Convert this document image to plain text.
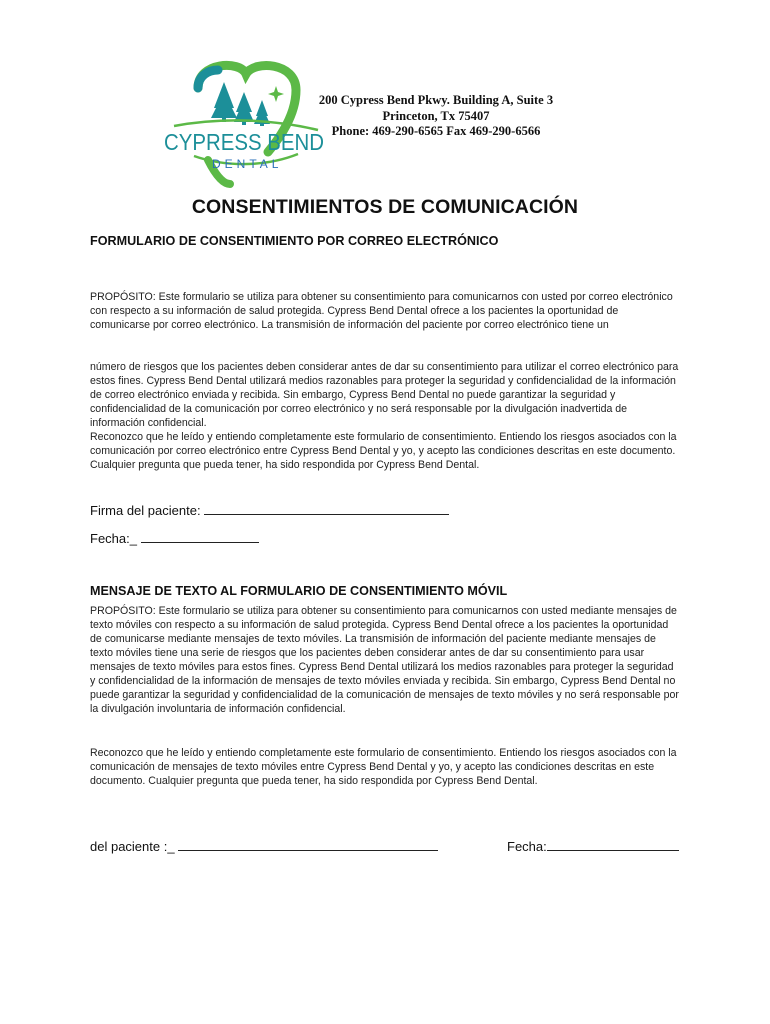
CYPRESS BEND
DENTAL
200 Cypress Bend Pkwy. Building A, Suite 3
Princeton, Tx 75407
Phone: 469-290-6565 Fax 469-290-6566
CONSENTIMIENTOS DE COMUNICACIÓN
FORMULARIO DE CONSENTIMIENTO POR CORREO ELECTRÓNICO
PROPÓSITO: Este formulario se utiliza para obtener su consentimiento para comunicarnos con usted por correo electrónico con respecto a su información de salud protegida. Cypress Bend Dental ofrece a los pacientes la oportunidad de comunicarse por correo electrónico. La transmisión de información del paciente por correo electrónico tiene un
número de riesgos que los pacientes deben considerar antes de dar su consentimiento para utilizar el correo electrónico para estos fines. Cypress Bend Dental utilizará medios razonables para proteger la seguridad y confidencialidad de la información de correo electrónico enviada y recibida. Sin embargo, Cypress Bend Dental no puede garantizar la seguridad y confidencialidad de la comunicación por correo electrónico y no será responsable por la divulgación inadvertida de información confidencial.
Reconozco que he leído y entiendo completamente este formulario de consentimiento. Entiendo los riesgos asociados con la comunicación por correo electrónico entre Cypress Bend Dental y yo, y acepto las condiciones descritas en este documento. Cualquier pregunta que pueda tener, ha sido respondida por Cypress Bend Dental.
Firma del paciente:
Fecha:_
MENSAJE DE TEXTO AL FORMULARIO DE CONSENTIMIENTO MÓVIL
PROPÓSITO: Este formulario se utiliza para obtener su consentimiento para comunicarnos con usted mediante mensajes de texto móviles con respecto a su información de salud protegida. Cypress Bend Dental ofrece a los pacientes la oportunidad de comunicarse mediante mensajes de texto móviles. La transmisión de información del paciente mediante mensajes de texto móviles tiene una serie de riesgos que los pacientes deben considerar antes de dar su consentimiento para usar mensajes de texto móviles para estos fines. Cypress Bend Dental utilizará los medios razonables para proteger la seguridad y confidencialidad de la información de mensajes de texto móviles enviada y recibida. Sin embargo, Cypress Bend Dental no puede garantizar la seguridad y confidencialidad de la comunicación de mensajes de texto móviles y no será responsable por la divulgación involuntaria de información confidencial.
Reconozco que he leído y entiendo completamente este formulario de consentimiento. Entiendo los riesgos asociados con la comunicación de mensajes de texto móviles entre Cypress Bend Dental y yo, y acepto las condiciones descritas en este documento. Cualquier pregunta que pueda tener, ha sido respondida por Cypress Bend Dental.
del paciente :_	Fecha:
